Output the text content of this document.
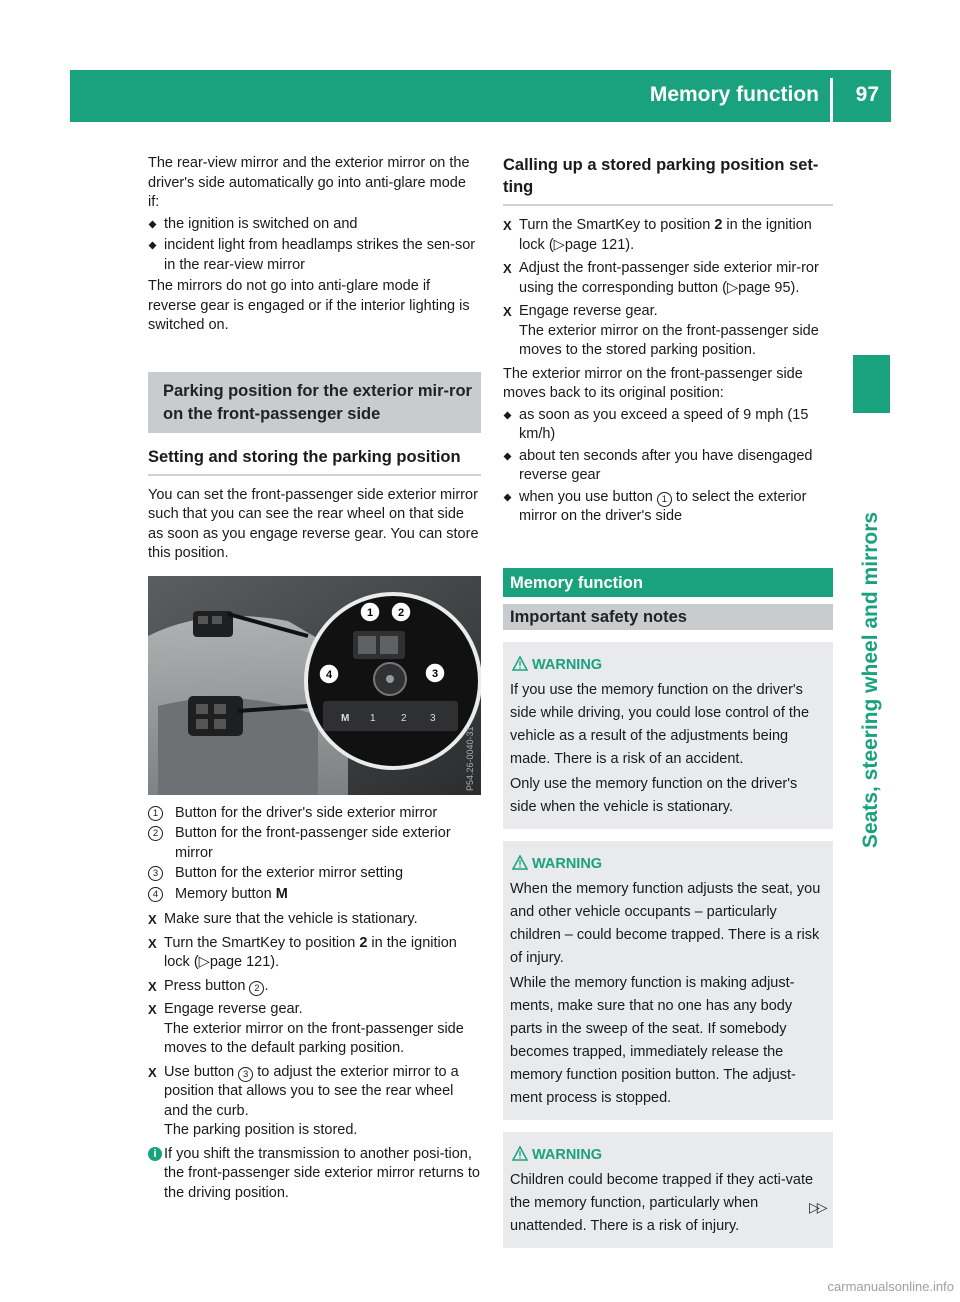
Memory function 97
Seats, steering wheel and mirrors

The rear-view mirror and the exterior mirror on the driver's side automatically go into anti-glare mode if:

the ignition is switched on and
incident light from headlamps strikes the sen-sor in the rear-view mirror

The mirrors do not go into anti-glare mode if reverse gear is engaged or if the interior lighting is switched on.

Parking position for the exterior mir-ror on the front-passenger side
Setting and storing the parking position

You can set the front-passenger side exterior mirror such that you can see the rear wheel on that side as soon as you engage reverse gear. You can store this position.

1 2
3
4
M 1	2 3
P54.26-0040-31
1	Button for the driver's side exterior mirror
2	Button for the front-passenger side exterior mirror
3	Button for the exterior mirror setting
4	Memory button M
X Make sure that the vehicle is stationary.
X Turn the SmartKey to position 2 in the ignition lock (▷page 121).
X Press button 2 .
X Engage reverse gear.
The exterior mirror on the front-passenger side moves to the default parking position.
X Use button 3 to adjust the exterior mirror to a position that allows you to see the rear wheel and the curb.
The parking position is stored.
i If you shift the transmission to another posi-tion, the front-passenger side exterior mirror returns to the driving position.
Calling up a stored parking position set-ting
X Turn the SmartKey to position 2 in the ignition lock (▷page 121).
X Adjust the front-passenger side exterior mir-ror using the corresponding button (▷page 95).
X Engage reverse gear.
The exterior mirror on the front-passenger side moves to the stored parking position.

The exterior mirror on the front-passenger side moves back to its original position:

as soon as you exceed a speed of 9 mph (15 km/h)
about ten seconds after you have disengaged reverse gear
when you use button 1 to select the exterior mirror on the driver's side
Memory function
Important safety notes
WARNING

If you use the memory function on the driver's side while driving, you could lose control of the vehicle as a result of the adjustments being made. There is a risk of an accident.

Only use the memory function on the driver's side when the vehicle is stationary.

WARNING

When the memory function adjusts the seat, you and other vehicle occupants – particularly children – could become trapped. There is a risk of injury.

While the memory function is making adjust-ments, make sure that no one has any body parts in the sweep of the seat. If somebody becomes trapped, immediately release the memory function position button. The adjust-ment process is stopped.

WARNING

Children could become trapped if they acti-vate the memory function, particularly when unattended. There is a risk of injury.

▷▷
carmanualsonline.info
